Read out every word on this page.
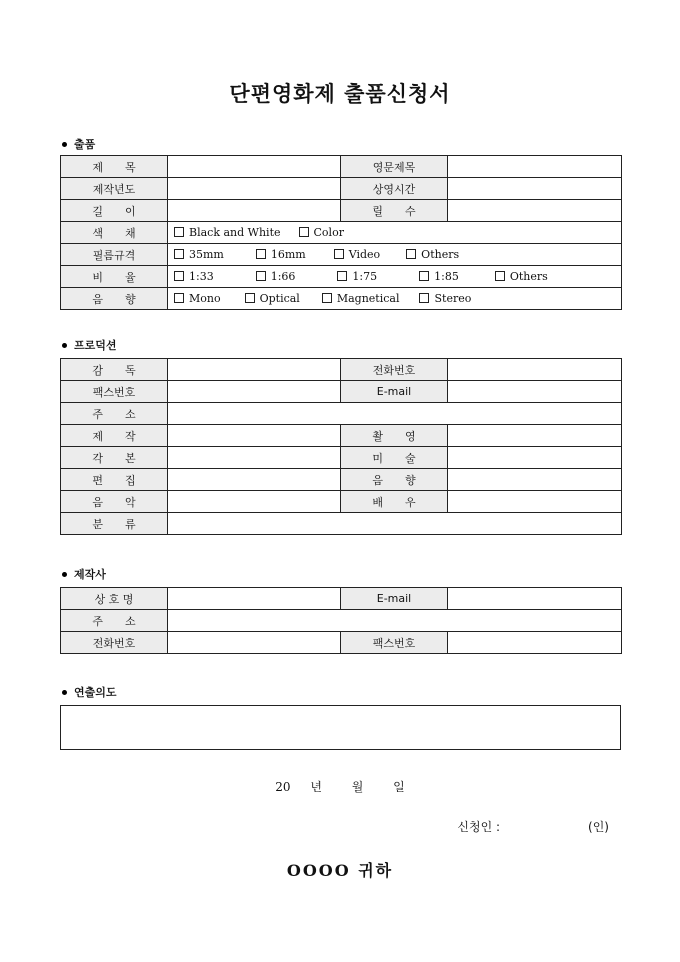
단편영화제 출품신청서
출품
제　　목		영문제목	
제작년도		상영시간	
길　　이		릴　　수	
색　　채	Black and White Color		
필름규격	35mm 16mm Video Others		
비　　율	1:33 1:66 1:75 1:85 Others		
음　　향	Mono Optical Magnetical Stereo		
프로덕션
감　　독		전화번호	
팩스번호		E-mail	
주　　소			
제　　작		촬　　영	
각　　본		미　　술	
편　　집		음　　향	
음　　악		배　　우	
분　　류			
제작사
상 호 명		E-mail	
주　　소			
전화번호		팩스번호	
연출의도
20 년 월 일
신청인 :	(인)
OOOO 귀하
